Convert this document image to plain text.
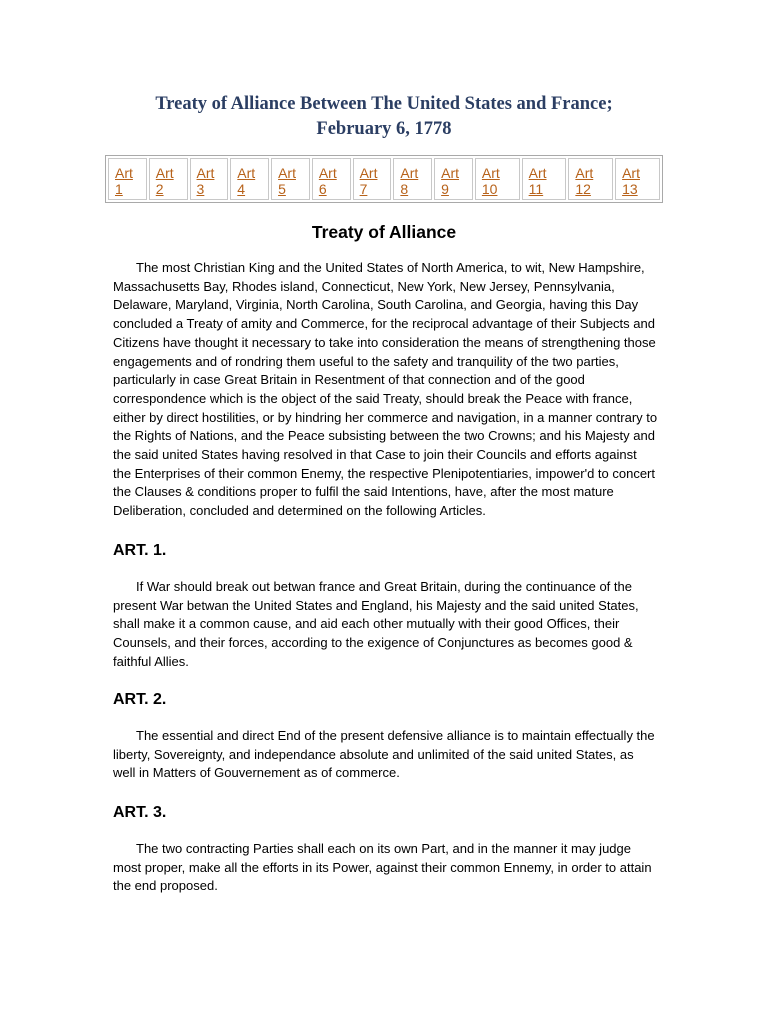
Treaty of Alliance Between The United States and France;
February 6, 1778
Art
1

Art
2

Art
3

Art
4

Art
5

Art
6

Art
7

Art
8

Art
9

Art
10

Art
11

Art
12

Art
13
Treaty of Alliance

The most Christian King and the United States of North America, to wit, New Hampshire, Massachusetts Bay, Rhodes island, Connecticut, New York, New Jersey, Pennsylvania, Delaware, Maryland, Virginia, North Carolina, South Carolina, and Georgia, having this Day concluded a Treaty of amity and Commerce, for the reciprocal advantage of their Subjects and Citizens have thought it necessary to take into consideration the means of strengthening those engagements and of rondring them useful to the safety and tranquility of the two parties, particularly in case Great Britain in Resentment of that connection and of the good correspondence which is the object of the said Treaty, should break the Peace with france, either by direct hostilities, or by hindring her commerce and navigation, in a manner contrary to the Rights of Nations, and the Peace subsisting between the two Crowns; and his Majesty and the said united States having resolved in that Case to join their Councils and efforts against the Enterprises of their common Enemy, the respective Plenipotentiaries, impower'd to concert the Clauses & conditions proper to fulfil the said Intentions, have, after the most mature Deliberation, concluded and determined on the following Articles.

ART. 1.

If War should break out betwan france and Great Britain, during the continuance of the present War betwan the United States and England, his Majesty and the said united States, shall make it a common cause, and aid each other mutually with their good Offices, their Counsels, and their forces, according to the exigence of Conjunctures as becomes good & faithful Allies.

ART. 2.

The essential and direct End of the present defensive alliance is to maintain effectually the liberty, Sovereignty, and independance absolute and unlimited of the said united States, as well in Matters of Gouvernement as of commerce.

ART. 3.

The two contracting Parties shall each on its own Part, and in the manner it may judge most proper, make all the efforts in its Power, against their common Ennemy, in order to attain the end proposed.
